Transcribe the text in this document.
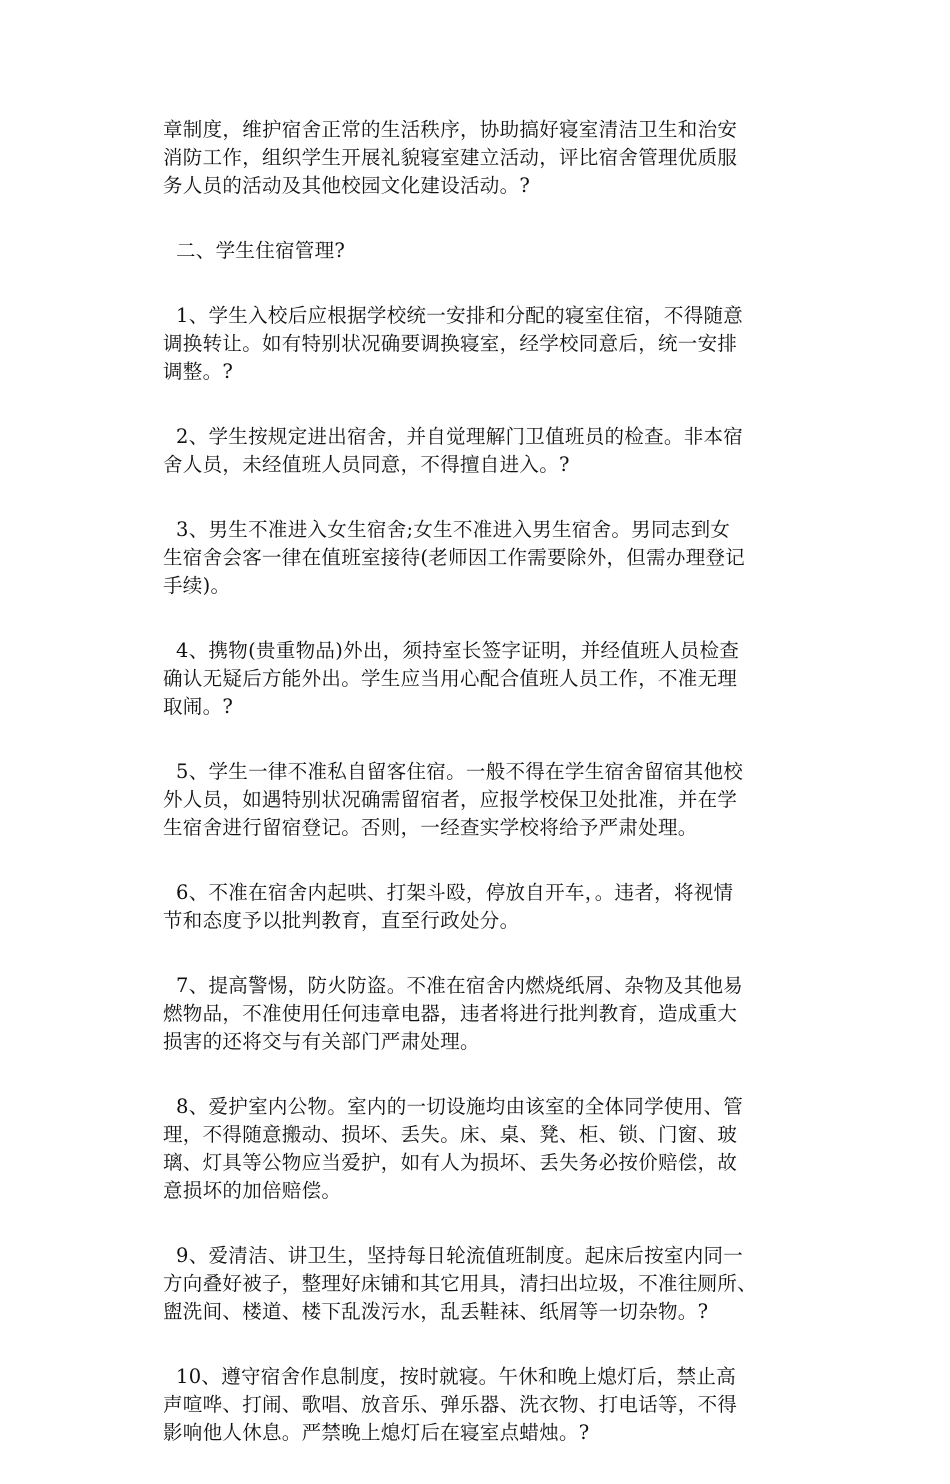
章制度，维护宿舍正常的生活秩序，协助搞好寝室清洁卫生和治安
消防工作，组织学生开展礼貌寝室建立活动，评比宿舍管理优质服
务人员的活动及其他校园文化建设活动。?

二、学生住宿管理?

1、学生入校后应根据学校统一安排和分配的寝室住宿，不得随意
调换转让。如有特别状况确要调换寝室，经学校同意后，统一安排
调整。?

2、学生按规定进出宿舍，并自觉理解门卫值班员的检查。非本宿
舍人员，未经值班人员同意，不得擅自进入。?

3、男生不准进入女生宿舍;女生不准进入男生宿舍。男同志到女
生宿舍会客一律在值班室接待(老师因工作需要除外，但需办理登记
手续)。

4、携物(贵重物品)外出，须持室长签字证明，并经值班人员检查
确认无疑后方能外出。学生应当用心配合值班人员工作，不准无理
取闹。?

5、学生一律不准私自留客住宿。一般不得在学生宿舍留宿其他校
外人员，如遇特别状况确需留宿者，应报学校保卫处批准，并在学
生宿舍进行留宿登记。否则，一经查实学校将给予严肃处理。

6、不准在宿舍内起哄、打架斗殴，停放自开车，。违者，将视情
节和态度予以批判教育，直至行政处分。

7、提高警惕，防火防盗。不准在宿舍内燃烧纸屑、杂物及其他易
燃物品，不准使用任何违章电器，违者将进行批判教育，造成重大
损害的还将交与有关部门严肃处理。

8、爱护室内公物。室内的一切设施均由该室的全体同学使用、管
理，不得随意搬动、损坏、丢失。床、桌、凳、柜、锁、门窗、玻
璃、灯具等公物应当爱护，如有人为损坏、丢失务必按价赔偿，故
意损坏的加倍赔偿。

9、爱清洁、讲卫生，坚持每日轮流值班制度。起床后按室内同一
方向叠好被子，整理好床铺和其它用具，清扫出垃圾，不准往厕所、
盥洗间、楼道、楼下乱泼污水，乱丢鞋袜、纸屑等一切杂物。?

10、遵守宿舍作息制度，按时就寝。午休和晚上熄灯后，禁止高
声喧哗、打闹、歌唱、放音乐、弹乐器、洗衣物、打电话等，不得
影响他人休息。严禁晚上熄灯后在寝室点蜡烛。?
